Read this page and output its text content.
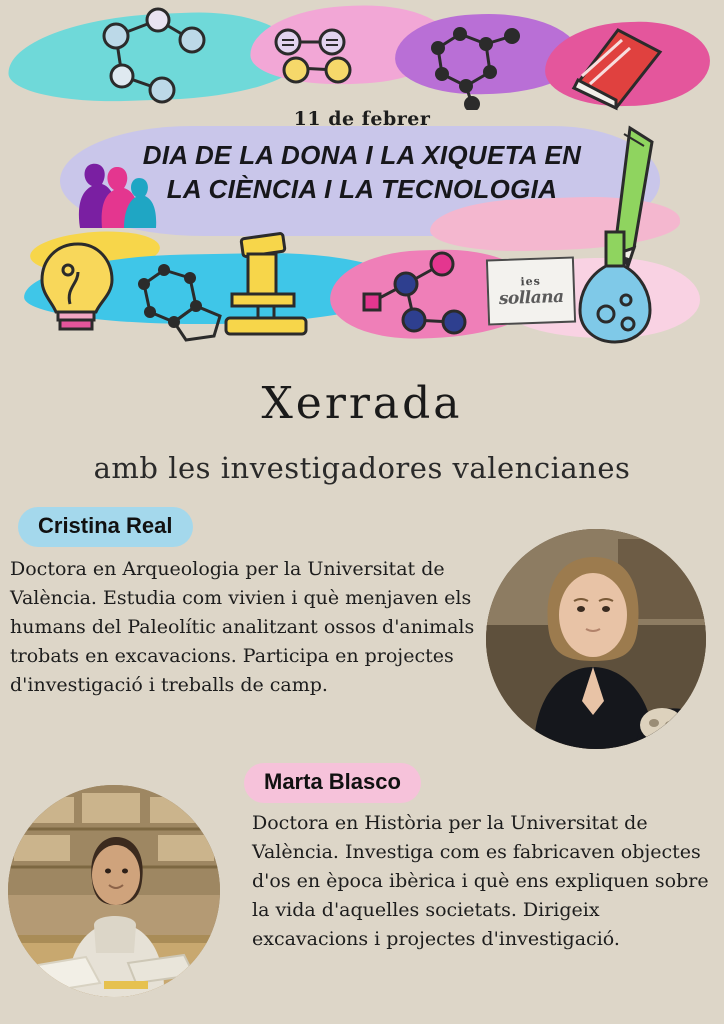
ies
sollana
11 de febrer
DIA DE LA DONA I LA XIQUETA EN
LA CIÈNCIA I LA TECNOLOGIA
Xerrada
amb les investigadores valencianes
Cristina Real
Doctora en Arqueologia per la Universitat de València. Estudia com vivien i què menjaven els humans del Paleolític analitzant ossos d'animals trobats en excavacions. Participa en projectes d'investigació i treballs de camp.
Marta Blasco
Doctora en Història per la Universitat de València. Investiga com es fabricaven objectes d'os en època ibèrica i què ens expliquen sobre la vida d'aquelles societats. Dirigeix excavacions i projectes d'investigació.
